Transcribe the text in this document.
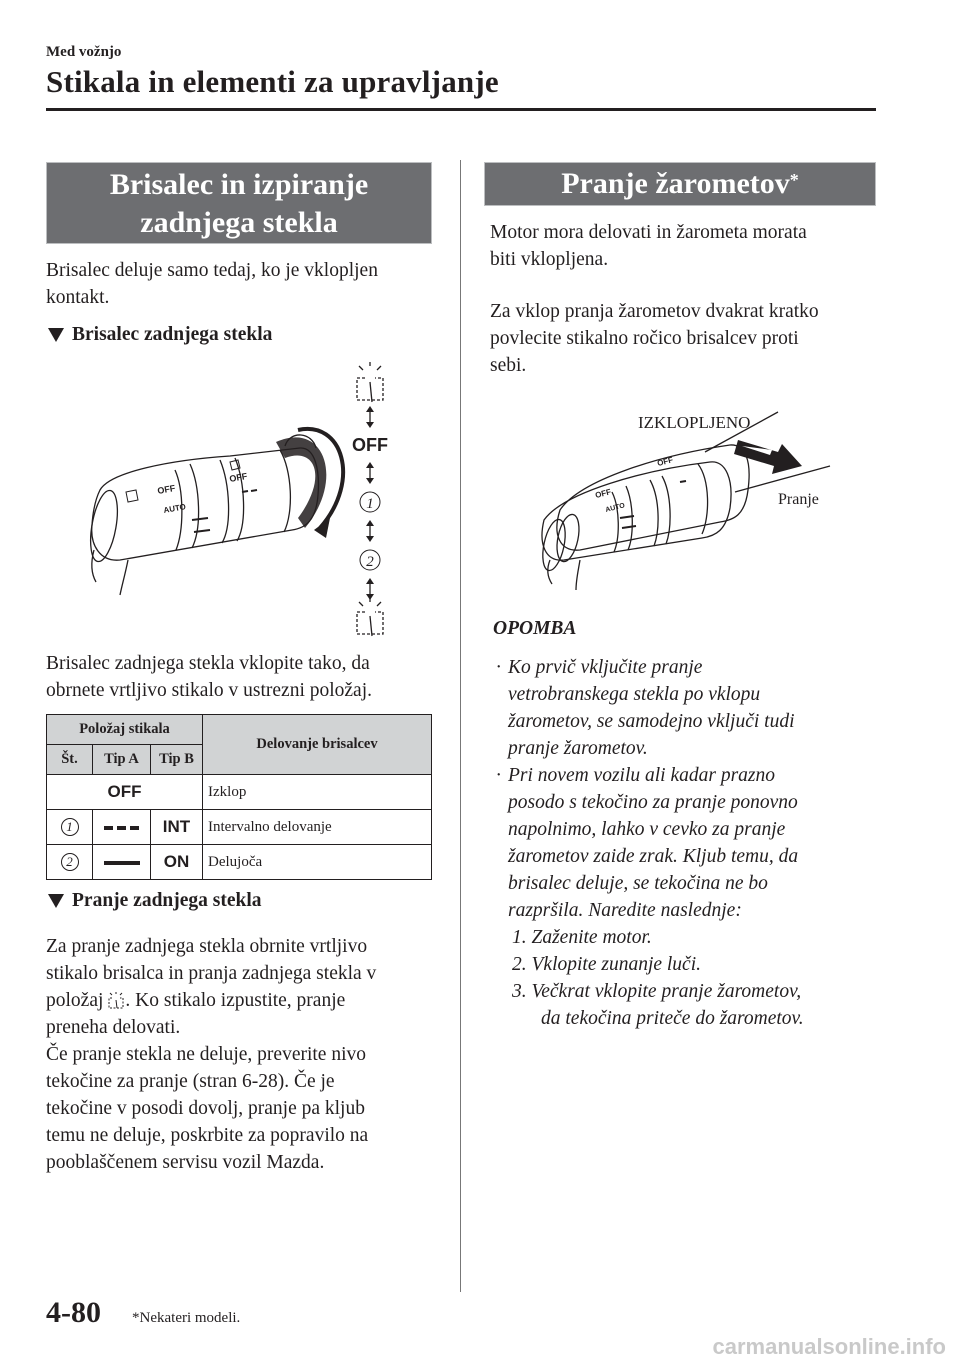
Med vožnjo
Stikala in elementi za upravljanje
Brisalec in izpiranje
zadnjega stekla
Brisalec deluje samo tedaj, ko je vklopljen kontakt.
Brisalec zadnjega stekla
OFF
AUTO
OFF
OFF
1
2
Brisalec zadnjega stekla vklopite tako, da
obrnete vrtljivo stikalo v ustrezni položaj.
Položaj stikala			Delovanje brisalcev
Št.	Tip A	Tip B	
OFF			Izklop
1		INT	Intervalno delovanje
2		ON	Delujoča
Pranje zadnjega stekla
Za pranje zadnjega stekla obrnite vrtljivo
stikalo brisalca in pranja zadnjega stekla v
položaj . Ko stikalo izpustite, pranje
preneha delovati.
Če pranje stekla ne deluje, preverite nivo
tekočine za pranje (stran 6-28). Če je
tekočine v posodi dovolj, pranje pa kljub
temu ne deluje, poskrbite za popravilo na
pooblaščenem servisu vozil Mazda.
Pranje žarometov*
Motor mora delovati in žarometa morata
biti vklopljena.
Za vklop pranja žarometov dvakrat kratko
povlecite stikalno ročico brisalcev proti
sebi.
OFF
OFF
AUTO
IZKLOPLJENO
Pranje
OPOMBA
· Ko prvič vključite pranje
vetrobranskega stekla po vklopu
žarometov, se samodejno vključi tudi
pranje žarometov.
· Pri novem vozilu ali kadar prazno
posodo s tekočino za pranje ponovno
napolnimo, lahko v cevko za pranje
žarometov zaide zrak. Kljub temu, da
brisalec deluje, se tekočina ne bo
razpršila. Naredite naslednje:
1. Zaženite motor.
2. Vklopite zunanje luči.
3. Večkrat vklopite pranje žarometov,
da tekočina priteče do žarometov.
4-80 *Nekateri modeli.
carmanualsonline.info
